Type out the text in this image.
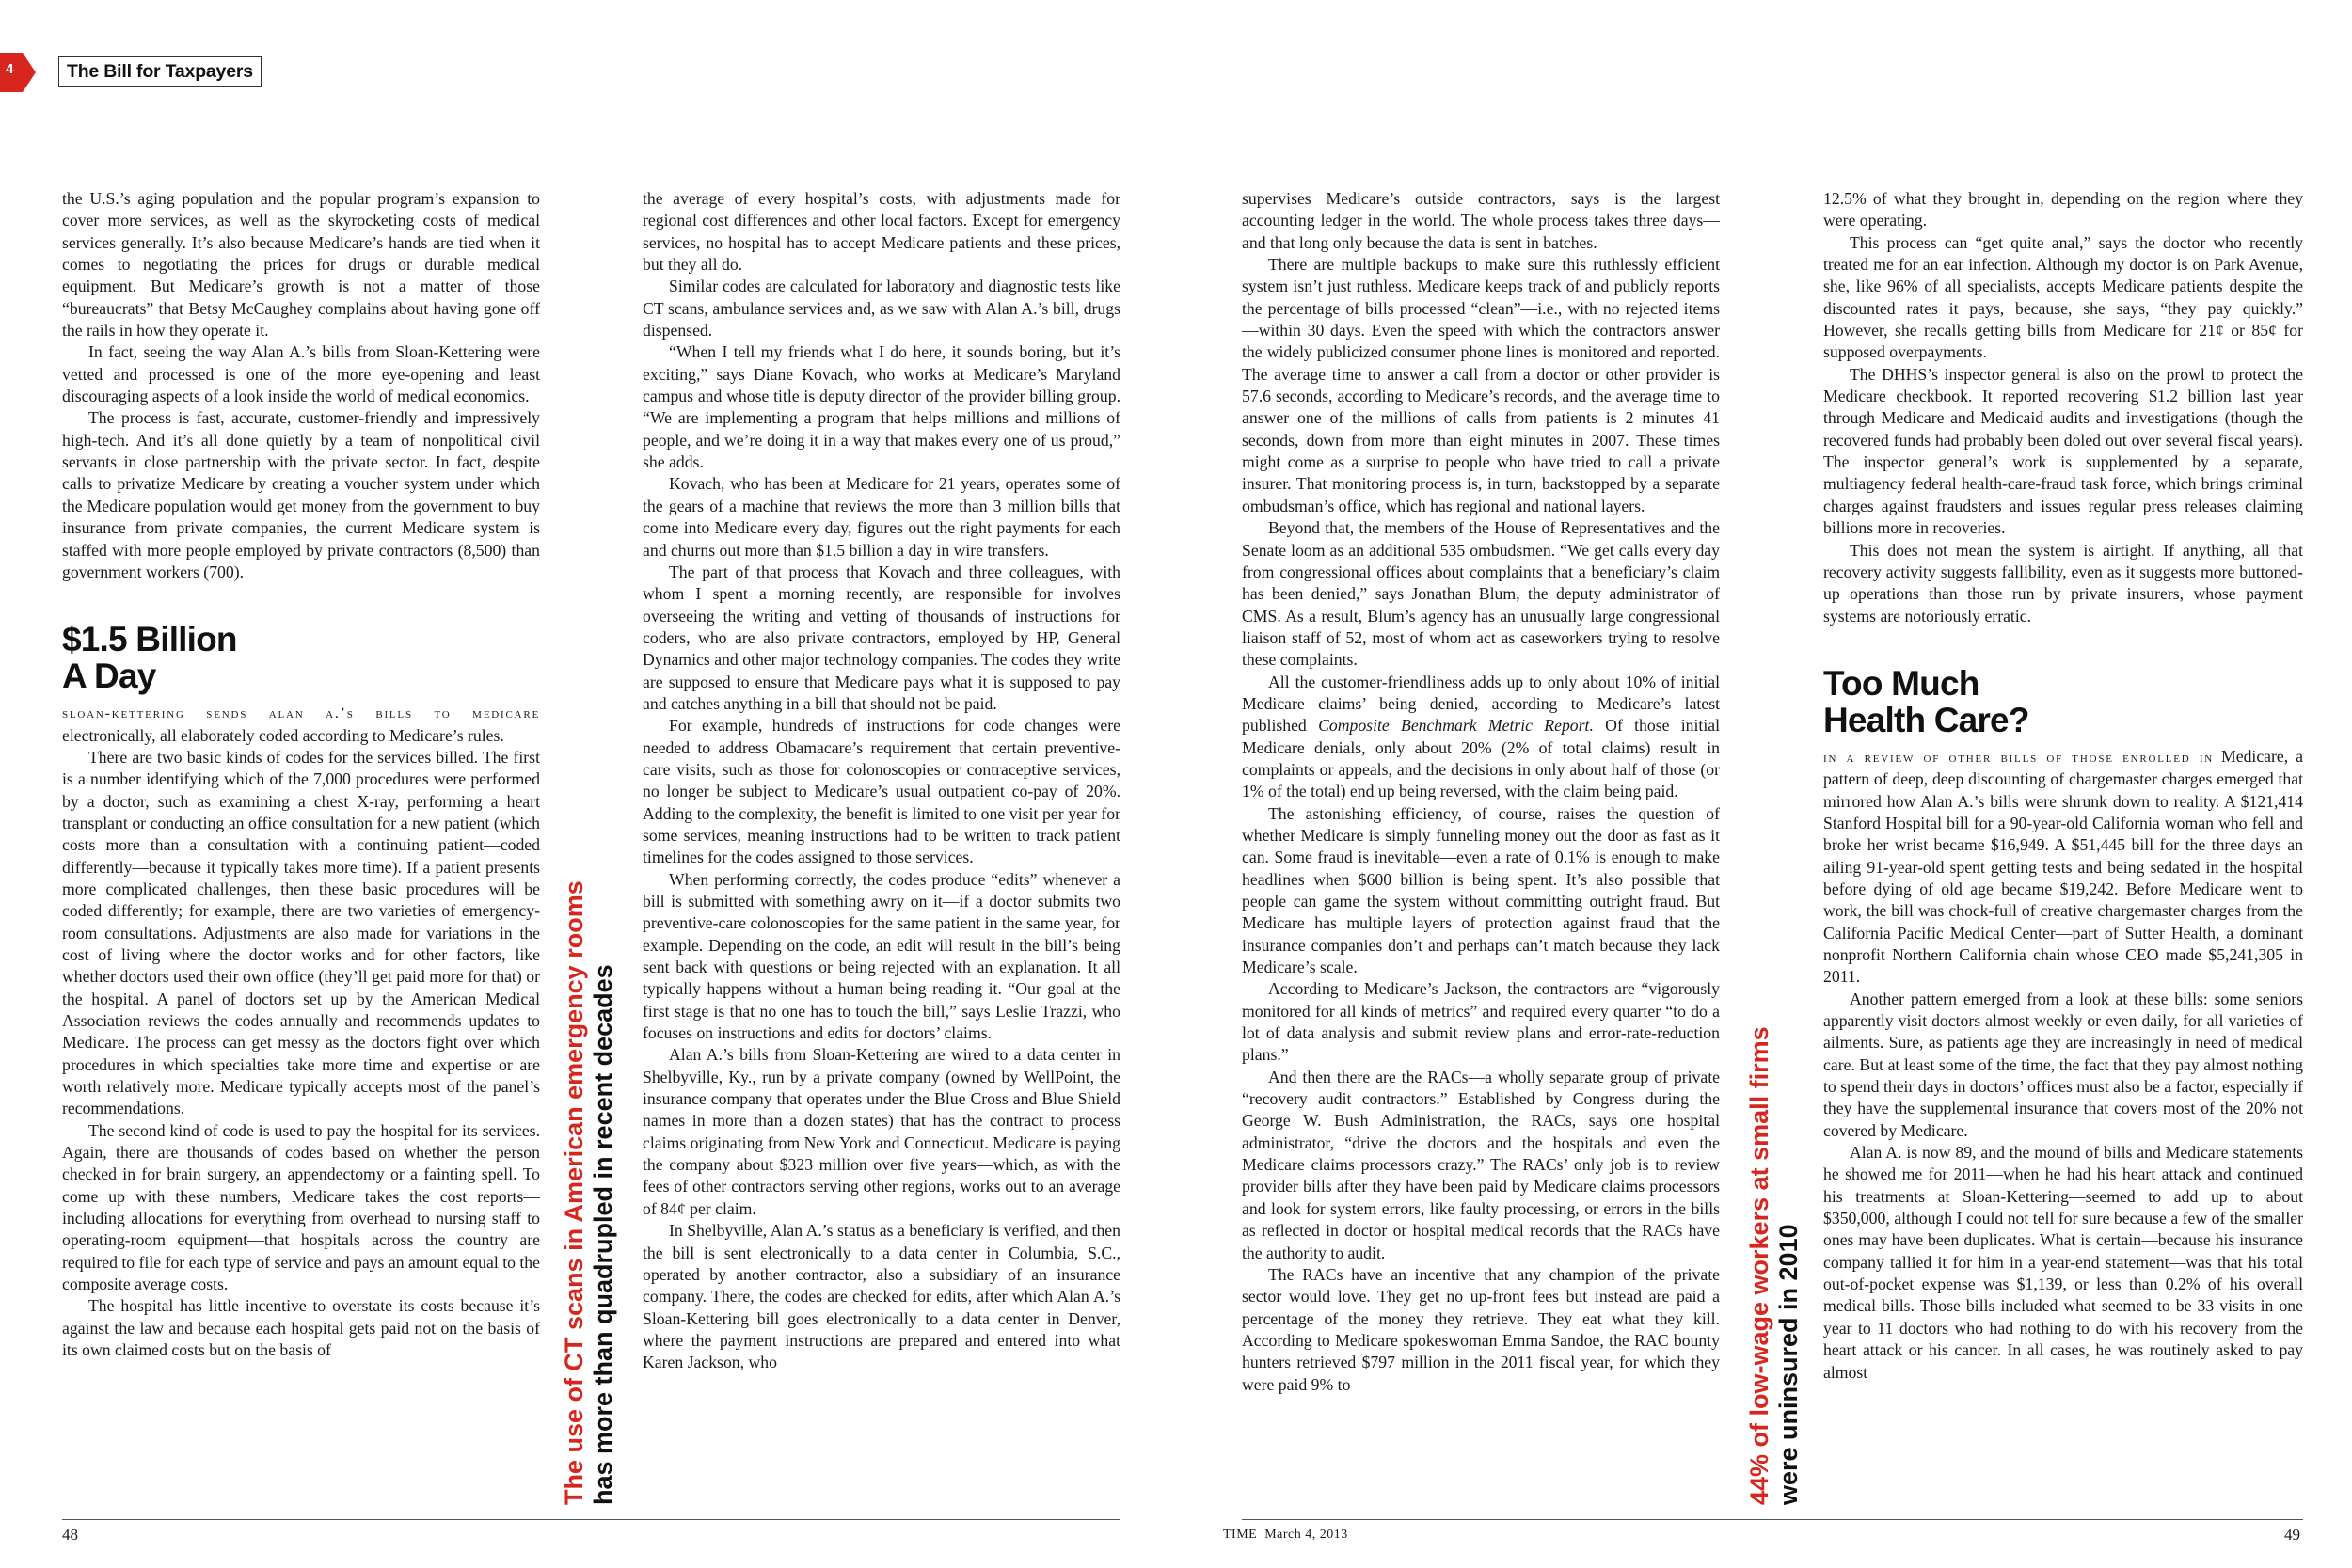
4	The Bill for Taxpayers

the U.S.’s aging population and the popular program’s expansion to cover more services, as well as the skyrocketing costs of medical services generally. It’s also because Medicare’s hands are tied when it comes to negotiating the prices for drugs or durable medical equipment. But Medicare’s growth is not a matter of those “bureaucrats” that Betsy McCaughey complains about having gone off the rails in how they operate it.

In fact, seeing the way Alan A.’s bills from Sloan-Kettering were vetted and processed is one of the more eye-opening and least discouraging aspects of a look inside the world of medical economics.

The process is fast, accurate, customer-friendly and impressively high-tech. And it’s all done quietly by a team of nonpolitical civil servants in close partnership with the private sector. In fact, despite calls to privatize Medicare by creating a voucher system under which the Medicare population would get money from the government to buy insurance from private companies, the current Medicare system is staffed with more people employed by private contractors (8,500) than government workers (700).

$1.5 Billion
A Day

sloan-kettering sends alan a.’s bills to medicare electronically, all elaborately coded according to Medicare’s rules.

There are two basic kinds of codes for the services billed. The first is a number identifying which of the 7,000 procedures were performed by a doctor, such as examining a chest X-ray, performing a heart transplant or conducting an office consultation for a new patient (which costs more than a consultation with a continuing patient—coded differently—because it typically takes more time). If a patient presents more complicated challenges, then these basic procedures will be coded differently; for example, there are two varieties of emergency-room consultations. Adjustments are also made for variations in the cost of living where the doctor works and for other factors, like whether doctors used their own office (they’ll get paid more for that) or the hospital. A panel of doctors set up by the American Medical Association reviews the codes annually and recommends updates to Medicare. The process can get messy as the doctors fight over which procedures in which specialties take more time and expertise or are worth relatively more. Medicare typically accepts most of the panel’s recommendations.

The second kind of code is used to pay the hospital for its services. Again, there are thousands of codes based on whether the person checked in for brain surgery, an appendectomy or a fainting spell. To come up with these numbers, Medicare takes the cost reports—including allocations for everything from overhead to nursing staff to operating-room equipment—that hospitals across the country are required to file for each type of service and pays an amount equal to the composite average costs.

The hospital has little incentive to overstate its costs because it’s against the law and because each hospital gets paid not on the basis of its own claimed costs but on the basis of

the average of every hospital’s costs, with adjustments made for regional cost differences and other local factors. Except for emergency services, no hospital has to accept Medicare patients and these prices, but they all do.

Similar codes are calculated for laboratory and diagnostic tests like CT scans, ambulance services and, as we saw with Alan A.’s bill, drugs dispensed.

“When I tell my friends what I do here, it sounds boring, but it’s exciting,” says Diane Kovach, who works at Medicare’s Maryland campus and whose title is deputy director of the provider billing group. “We are implementing a program that helps millions and millions of people, and we’re doing it in a way that makes every one of us proud,” she adds.

Kovach, who has been at Medicare for 21 years, operates some of the gears of a machine that reviews the more than 3 million bills that come into Medicare every day, figures out the right payments for each and churns out more than $1.5 billion a day in wire transfers.

The part of that process that Kovach and three colleagues, with whom I spent a morning recently, are responsible for involves overseeing the writing and vetting of thousands of instructions for coders, who are also private contractors, employed by HP, General Dynamics and other major technology companies. The codes they write are supposed to ensure that Medicare pays what it is supposed to pay and catches anything in a bill that should not be paid.

For example, hundreds of instructions for code changes were needed to address Obamacare’s requirement that certain preventive-care visits, such as those for colonoscopies or contraceptive services, no longer be subject to Medicare’s usual outpatient co-pay of 20%. Adding to the complexity, the benefit is limited to one visit per year for some services, meaning instructions had to be written to track patient timelines for the codes assigned to those services.

When performing correctly, the codes produce “edits” whenever a bill is submitted with something awry on it—if a doctor submits two preventive-care colonoscopies for the same patient in the same year, for example. Depending on the code, an edit will result in the bill’s being sent back with questions or being rejected with an explanation. It all typically happens without a human being reading it. “Our goal at the first stage is that no one has to touch the bill,” says Leslie Trazzi, who focuses on instructions and edits for doctors’ claims.

Alan A.’s bills from Sloan-Kettering are wired to a data center in Shelbyville, Ky., run by a private company (owned by WellPoint, the insurance company that operates under the Blue Cross and Blue Shield names in more than a dozen states) that has the contract to process claims originating from New York and Connecticut. Medicare is paying the company about $323 million over five years—which, as with the fees of other contractors serving other regions, works out to an average of 84¢ per claim.

In Shelbyville, Alan A.’s status as a beneficiary is verified, and then the bill is sent electronically to a data center in Columbia, S.C., operated by another contractor, also a subsidiary of an insurance company. There, the codes are checked for edits, after which Alan A.’s Sloan-Kettering bill goes electronically to a data center in Denver, where the payment instructions are prepared and entered into what Karen Jackson, who

The use of CT scans in American emergency rooms has more than quadrupled in recent decades

supervises Medicare’s outside contractors, says is the largest accounting ledger in the world. The whole process takes three days—and that long only because the data is sent in batches.

There are multiple backups to make sure this ruthlessly efficient system isn’t just ruthless. Medicare keeps track of and publicly reports the percentage of bills processed “clean”—i.e., with no rejected items—within 30 days. Even the speed with which the contractors answer the widely publicized consumer phone lines is monitored and reported. The average time to answer a call from a doctor or other provider is 57.6 seconds, according to Medicare’s records, and the average time to answer one of the millions of calls from patients is 2 minutes 41 seconds, down from more than eight minutes in 2007. These times might come as a surprise to people who have tried to call a private insurer. That monitoring process is, in turn, backstopped by a separate ombudsman’s office, which has regional and national layers.

Beyond that, the members of the House of Representatives and the Senate loom as an additional 535 ombudsmen. “We get calls every day from congressional offices about complaints that a beneficiary’s claim has been denied,” says Jonathan Blum, the deputy administrator of CMS. As a result, Blum’s agency has an unusually large congressional liaison staff of 52, most of whom act as caseworkers trying to resolve these complaints.

All the customer-friendliness adds up to only about 10% of initial Medicare claims’ being denied, according to Medicare’s latest published Composite Benchmark Metric Report. Of those initial Medicare denials, only about 20% (2% of total claims) result in complaints or appeals, and the decisions in only about half of those (or 1% of the total) end up being reversed, with the claim being paid.

The astonishing efficiency, of course, raises the question of whether Medicare is simply funneling money out the door as fast as it can. Some fraud is inevitable—even a rate of 0.1% is enough to make headlines when $600 billion is being spent. It’s also possible that people can game the system without committing outright fraud. But Medicare has multiple layers of protection against fraud that the insurance companies don’t and perhaps can’t match because they lack Medicare’s scale.

According to Medicare’s Jackson, the contractors are “vigorously monitored for all kinds of metrics” and required every quarter “to do a lot of data analysis and submit review plans and error-rate-reduction plans.”

And then there are the RACs—a wholly separate group of private “recovery audit contractors.” Established by Congress during the George W. Bush Administration, the RACs, says one hospital administrator, “drive the doctors and the hospitals and even the Medicare claims processors crazy.” The RACs’ only job is to review provider bills after they have been paid by Medicare claims processors and look for system errors, like faulty processing, or errors in the bills as reflected in doctor or hospital medical records that the RACs have the authority to audit.

The RACs have an incentive that any champion of the private sector would love. They get no up-front fees but instead are paid a percentage of the money they retrieve. They eat what they kill. According to Medicare spokeswoman Emma Sandoe, the RAC bounty hunters retrieved $797 million in the 2011 fiscal year, for which they were paid 9% to	44% of low-wage workers at small firms were uninsured in 2010

12.5% of what they brought in, depending on the region where they were operating.

This process can “get quite anal,” says the doctor who recently treated me for an ear infection. Although my doctor is on Park Avenue, she, like 96% of all specialists, accepts Medicare patients despite the discounted rates it pays, because, she says, “they pay quickly.” However, she recalls getting bills from Medicare for 21¢ or 85¢ for supposed overpayments.

The DHHS’s inspector general is also on the prowl to protect the Medicare checkbook. It reported recovering $1.2 billion last year through Medicare and Medicaid audits and investigations (though the recovered funds had probably been doled out over several fiscal years). The inspector general’s work is supplemented by a separate, multiagency federal health-care-fraud task force, which brings criminal charges against fraudsters and issues regular press releases claiming billions more in recoveries.

This does not mean the system is airtight. If anything, all that recovery activity suggests fallibility, even as it suggests more buttoned-up operations than those run by private insurers, whose payment systems are notoriously erratic.

Too Much
Health Care?

in a review of other bills of those enrolled in Medicare, a pattern of deep, deep discounting of chargemaster charges emerged that mirrored how Alan A.’s bills were shrunk down to reality. A $121,414 Stanford Hospital bill for a 90-year-old California woman who fell and broke her wrist became $16,949. A $51,445 bill for the three days an ailing 91-year-old spent getting tests and being sedated in the hospital before dying of old age became $19,242. Before Medicare went to work, the bill was chock-full of creative chargemaster charges from the California Pacific Medical Center—part of Sutter Health, a dominant nonprofit Northern California chain whose CEO made $5,241,305 in 2011.

Another pattern emerged from a look at these bills: some seniors apparently visit doctors almost weekly or even daily, for all varieties of ailments. Sure, as patients age they are increasingly in need of medical care. But at least some of the time, the fact that they pay almost nothing to spend their days in doctors’ offices must also be a factor, especially if they have the supplemental insurance that covers most of the 20% not covered by Medicare.

Alan A. is now 89, and the mound of bills and Medicare statements he showed me for 2011—when he had his heart attack and continued his treatments at Sloan-Kettering—seemed to add up to about $350,000, although I could not tell for sure because a few of the smaller ones may have been duplicates. What is certain—because his insurance company tallied it for him in a year-end statement—was that his total out-of-pocket expense was $1,139, or less than 0.2% of his overall medical bills. Those bills included what seemed to be 33 visits in one year to 11 doctors who had nothing to do with his recovery from the heart attack or his cancer. In all cases, he was routinely asked to pay almost

48	TIME March 4, 2013	49
